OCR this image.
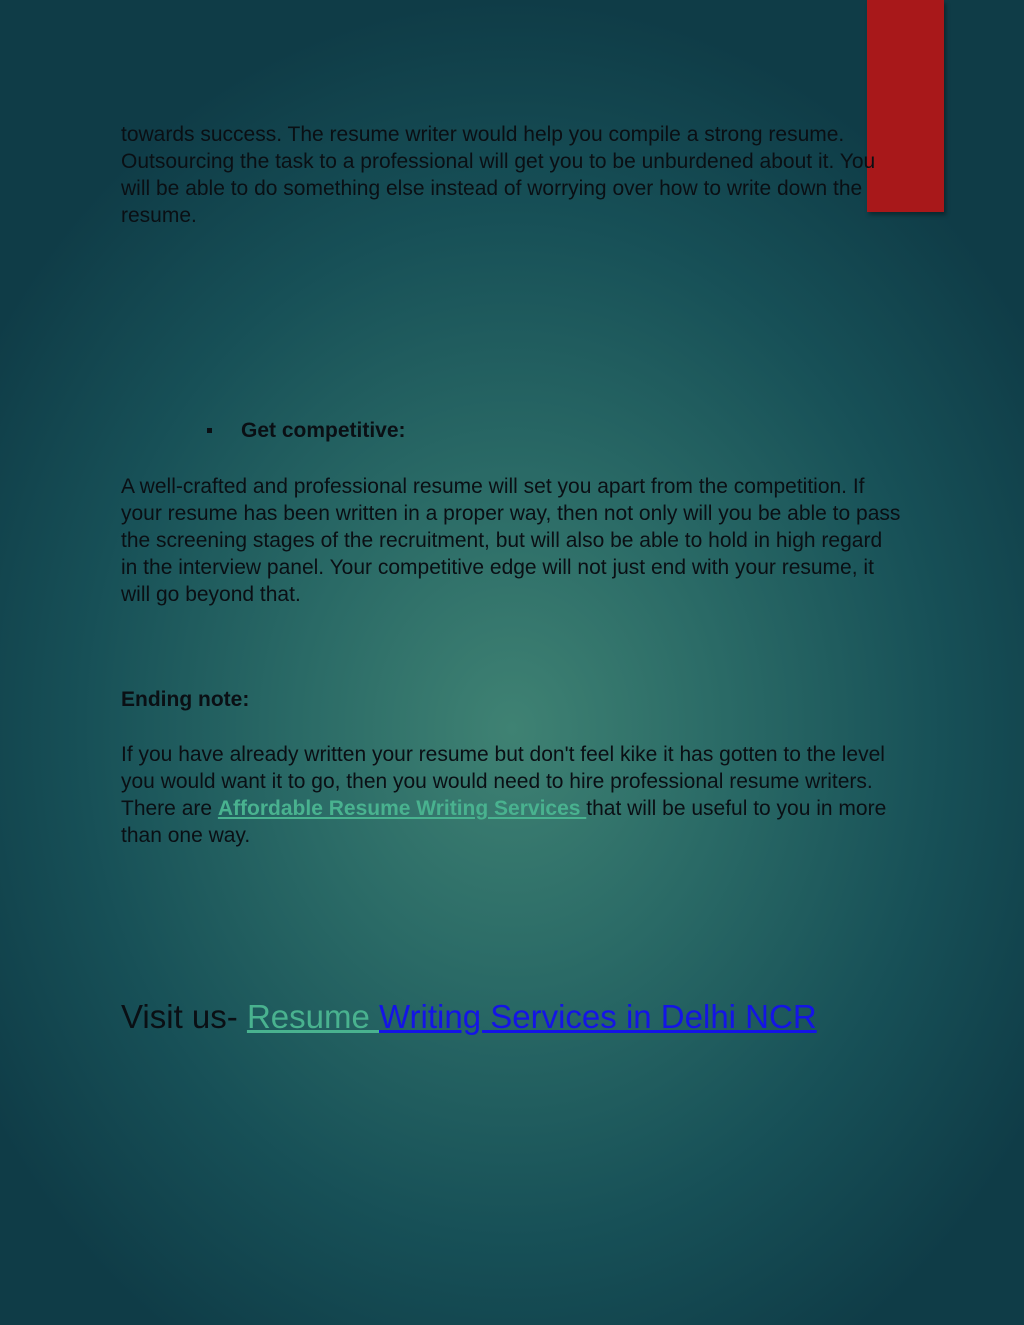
towards success. The resume writer would help you compile a strong resume. Outsourcing the task to a professional will get you to be unburdened about it. You will be able to do something else instead of worrying over how to write down the resume.

Get competitive:

A well-crafted and professional resume will set you apart from the competition. If your resume has been written in a proper way, then not only will you be able to pass the screening stages of the recruitment, but will also be able to hold in high regard in the interview panel. Your competitive edge will not just end with your resume, it will go beyond that.

Ending note:

If you have already written your resume but don't feel kike it has gotten to the level you would want it to go, then you would need to hire professional resume writers. There are Affordable Resume Writing Services that will be useful to you in more than one way.

Visit us- Resume Writing Services in Delhi NCR
